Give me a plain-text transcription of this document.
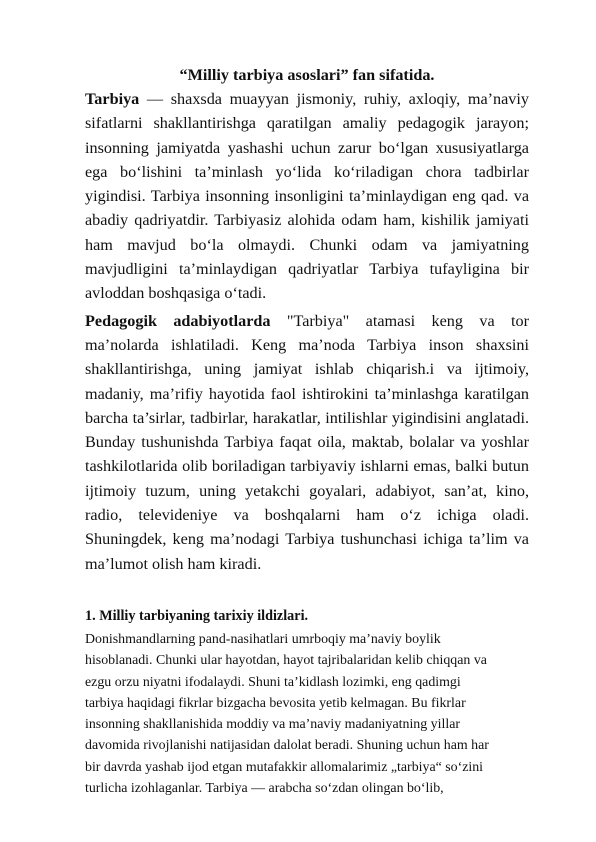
“Milliy tarbiya asoslari” fan sifatida.

Tarbiya — shaxsda muayyan jismoniy, ruhiy, axloqiy, ma’naviy sifatlarni shakllantirishga qaratilgan amaliy pedagogik jarayon; insonning jamiyatda yashashi uchun zarur bo‘lgan xususiyatlarga ega bo‘lishini ta’minlash yo‘lida ko‘riladigan chora tadbirlar yigindisi. Tarbiya insonning insonligini ta’minlaydigan eng qad. va abadiy qadriyatdir. Tarbiyasiz alohida odam ham, kishilik jamiyati ham mavjud bo‘la olmaydi. Chunki odam va jamiyatning mavjudligini ta’minlaydigan qadriyatlar Tarbiya tufayligina bir avloddan boshqasiga o‘tadi.

Pedagogik adabiyotlarda "Tarbiya" atamasi keng va tor ma’nolarda ishlatiladi. Keng ma’noda Tarbiya inson shaxsini shakllantirishga, uning jamiyat ishlab chiqarish.i va ijtimoiy, madaniy, ma’rifiy hayotida faol ishtirokini ta’minlashga karatilgan barcha ta’sirlar, tadbirlar, harakatlar, intilishlar yigindisini anglatadi. Bunday tushunishda Tarbiya faqat oila, maktab, bolalar va yoshlar tashkilotlarida olib boriladigan tarbiyaviy ishlarni emas, balki butun ijtimoiy tuzum, uning yetakchi goyalari, adabiyot, san’at, kino, radio, televideniye va boshqalarni ham o‘z ichiga oladi. Shuningdek, keng ma’nodagi Tarbiya tushunchasi ichiga ta’lim va ma’lumot olish ham kiradi.

1. Milliy tarbiyaning tarixiy ildizlari.
Donishmandlarning pand-nasihatlari umrboqiy ma’naviy boylik
hisoblanadi. Chunki ular hayotdan, hayot tajribalaridan kelib chiqqan va
ezgu orzu niyatni ifodalaydi. Shuni ta’kidlash lozimki, eng qadimgi
tarbiya haqidagi fikrlar bizgacha bevosita yetib kelmagan. Bu fikrlar
insonning shakllanishida moddiy va ma’naviy madaniyatning yillar
davomida rivojlanishi natijasidan dalolat beradi. Shuning uchun ham har
bir davrda yashab ijod etgan mutafakkir allomalarimiz „tarbiya“ so‘zini
turlicha izohlaganlar. Tarbiya — arabcha so‘zdan olingan bo‘lib,
